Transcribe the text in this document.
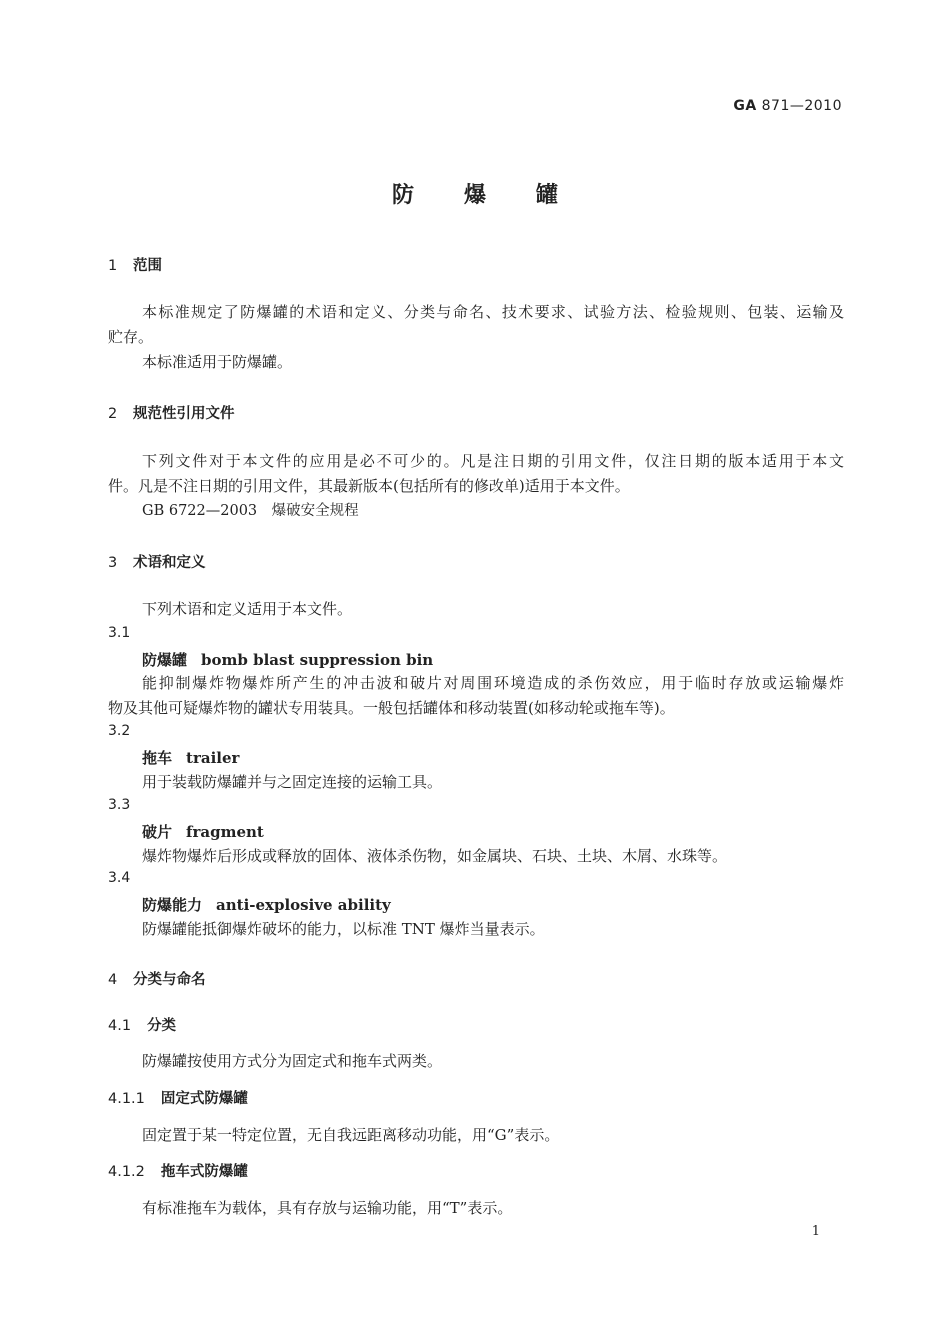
GA 871—2010
防爆罐
1 范围
本标准规定了防爆罐的术语和定义、分类与命名、技术要求、试验方法、检验规则、包装、运输及
贮存。
本标准适用于防爆罐。
2 规范性引用文件
下列文件对于本文件的应用是必不可少的。凡是注日期的引用文件，仅注日期的版本适用于本文
件。凡是不注日期的引用文件，其最新版本(包括所有的修改单)适用于本文件。
GB 6722—2003　爆破安全规程
3 术语和定义
下列术语和定义适用于本文件。
3.1
防爆罐 bomb blast suppression bin
能抑制爆炸物爆炸所产生的冲击波和破片对周围环境造成的杀伤效应，用于临时存放或运输爆炸
物及其他可疑爆炸物的罐状专用装具。一般包括罐体和移动装置(如移动轮或拖车等)。
3.2
拖车 trailer
用于装载防爆罐并与之固定连接的运输工具。
3.3
破片 fragment
爆炸物爆炸后形成或释放的固体、液体杀伤物，如金属块、石块、土块、木屑、水珠等。
3.4
防爆能力 anti-explosive ability
防爆罐能抵御爆炸破坏的能力，以标准 TNT 爆炸当量表示。
4 分类与命名
4.1 分类
防爆罐按使用方式分为固定式和拖车式两类。
4.1.1 固定式防爆罐
固定置于某一特定位置，无自我远距离移动功能，用“G”表示。
4.1.2 拖车式防爆罐
有标准拖车为载体，具有存放与运输功能，用“T”表示。
1
